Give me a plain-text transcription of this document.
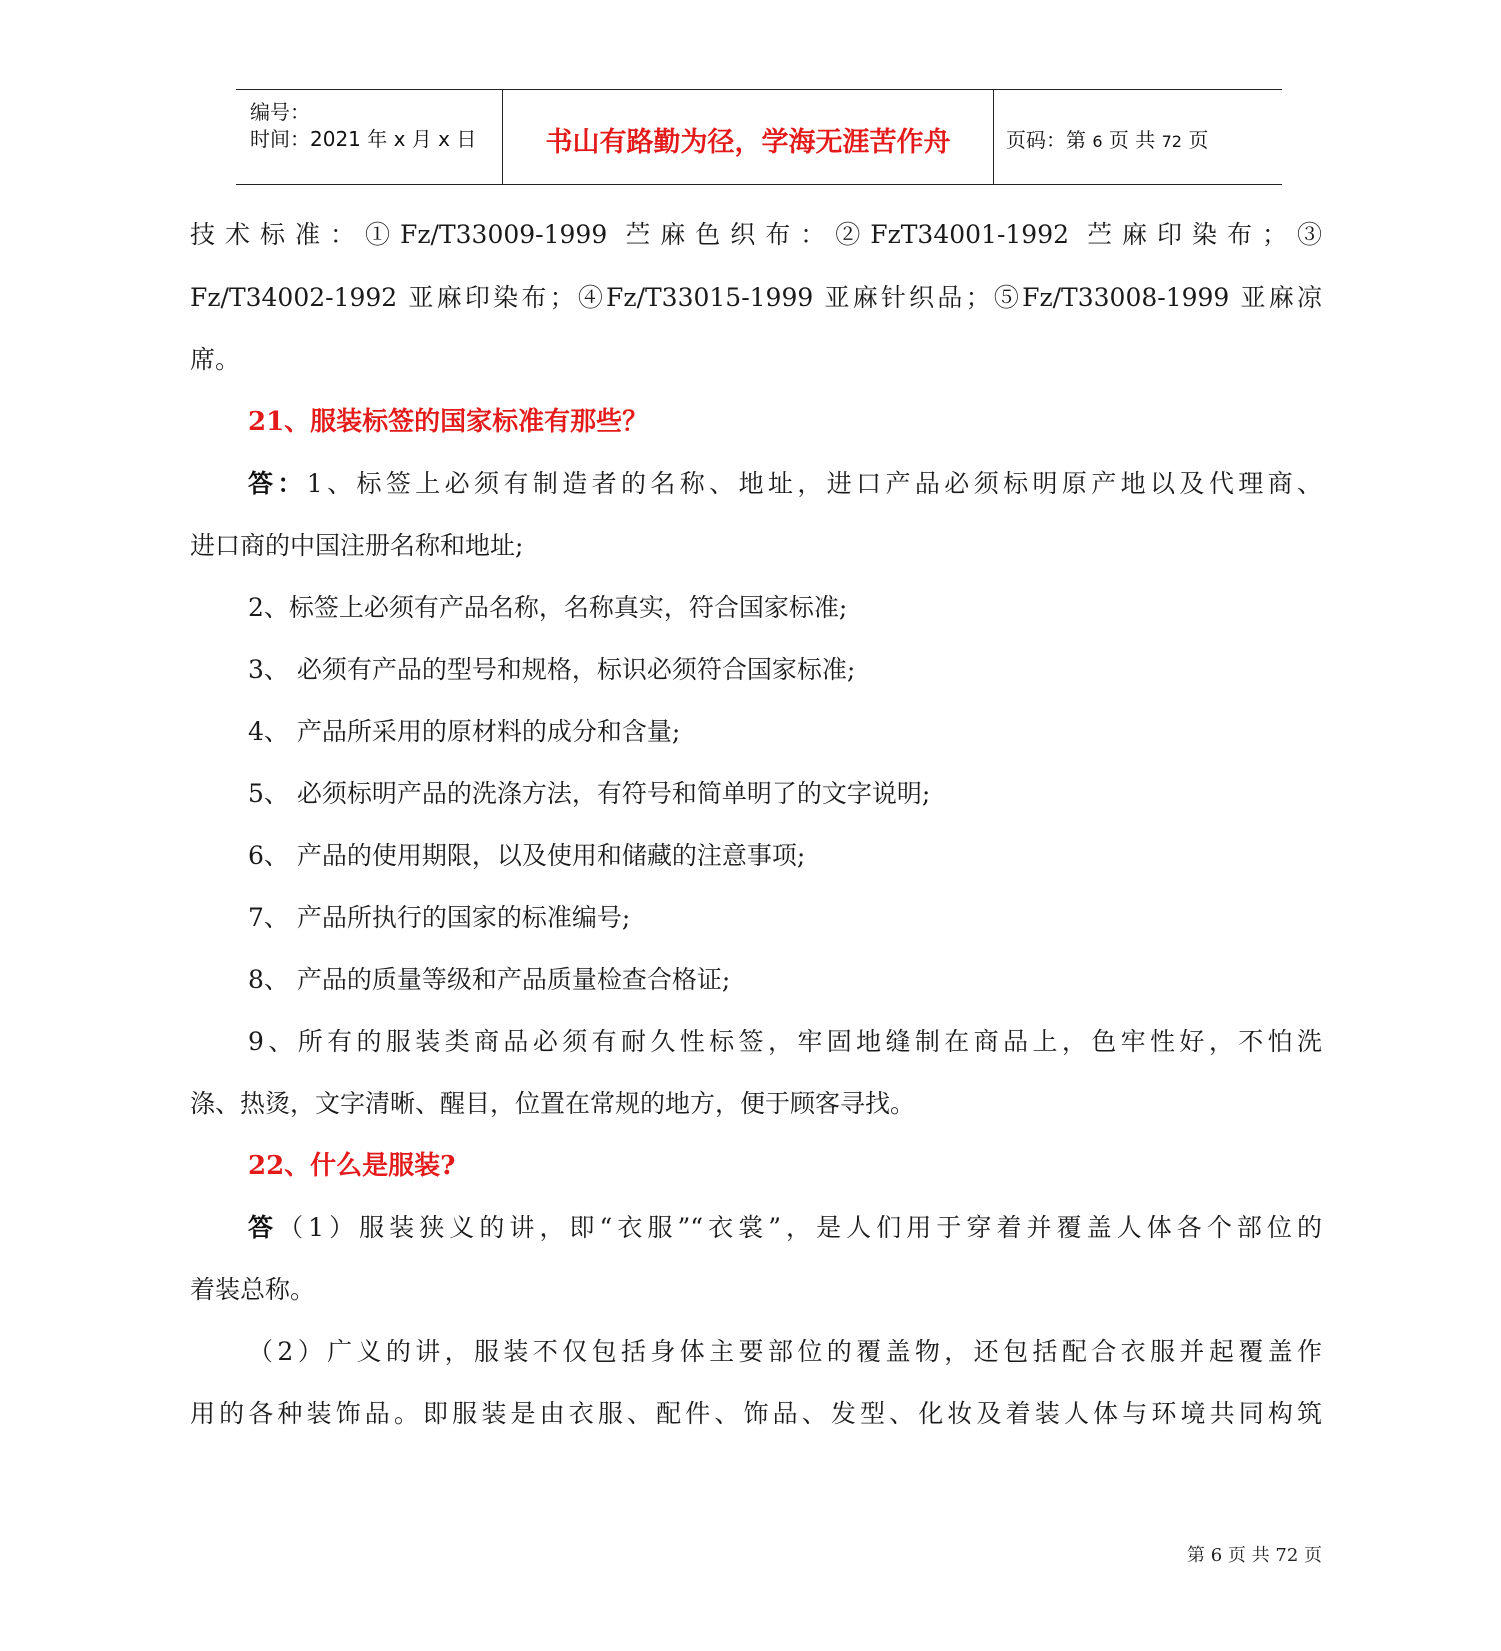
编号：
时间：2021 年 x 月 x 日	书山有路勤为径，学海无涯苦作舟	页码：第 6 页 共 72 页
技术标准：①Fz/T33009-1999 苎麻色织布：②FzT34001-1992 苎麻印染布；③
Fz/T34002-1992 亚麻印染布；④Fz/T33015-1999 亚麻针织品；⑤Fz/T33008-1999 亚麻凉
席。
21、服装标签的国家标准有那些？
答：1、标签上必须有制造者的名称、地址，进口产品必须标明原产地以及代理商、
进口商的中国注册名称和地址;
2、标签上必须有产品名称，名称真实，符合国家标准;
3、 必须有产品的型号和规格，标识必须符合国家标准;
4、 产品所采用的原材料的成分和含量;
5、 必须标明产品的洗涤方法，有符号和简单明了的文字说明;
6、 产品的使用期限，以及使用和储藏的注意事项;
7、 产品所执行的国家的标准编号;
8、 产品的质量等级和产品质量检查合格证;
9、所有的服装类商品必须有耐久性标签，牢固地缝制在商品上，色牢性好，不怕洗
涤、热烫，文字清晰、醒目，位置在常规的地方，便于顾客寻找。
22、什么是服装?
答（1）服装狭义的讲，即“衣服”“衣裳”，是人们用于穿着并覆盖人体各个部位的
着装总称。
（2）广义的讲，服装不仅包括身体主要部位的覆盖物，还包括配合衣服并起覆盖作
用的各种装饰品。即服装是由衣服、配件、饰品、发型、化妆及着装人体与环境共同构筑
第 6 页 共 72 页
